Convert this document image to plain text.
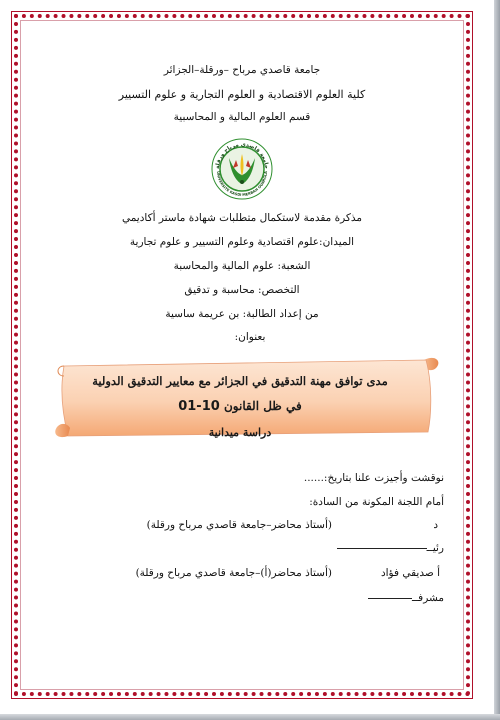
جامعة قاصدي مرباح –ورقلة–الجزائر
كلية العلوم الاقتصادية و العلوم التجارية و علوم التسيير
قسم العلوم المالية و المحاسبية
جامعة قاصدي مرباح ورقلة
UNIVERSITE KASDI MERBAH OUARGLA
مذكرة مقدمة لاستكمال متطلبات شهادة ماستر أكاديمي
الميدان:علوم اقتصادية وعلوم التسيير و علوم تجارية
الشعبة: علوم المالية والمحاسبة
التخصص: محاسبة و تدقيق
من إعداد الطالبة: بن عريمة ساسية
بعنوان:
مدى توافق مهنة التدقيق في الجزائر مع معايير التدقيق الدولية
في ظل القانون 01-10
دراسة ميدانية
نوقشت وأجيزت علنا بتاريخ:......
أمام اللجنة المكونة من السادة:
د
(أستاذ محاضر–جامعة قاصدي مرباح ورقلة)
رئيــ
أ صديقي فؤاد
(أستاذ محاضر(أ)–جامعة قاصدي مرباح ورقلة)
مشرفــ
